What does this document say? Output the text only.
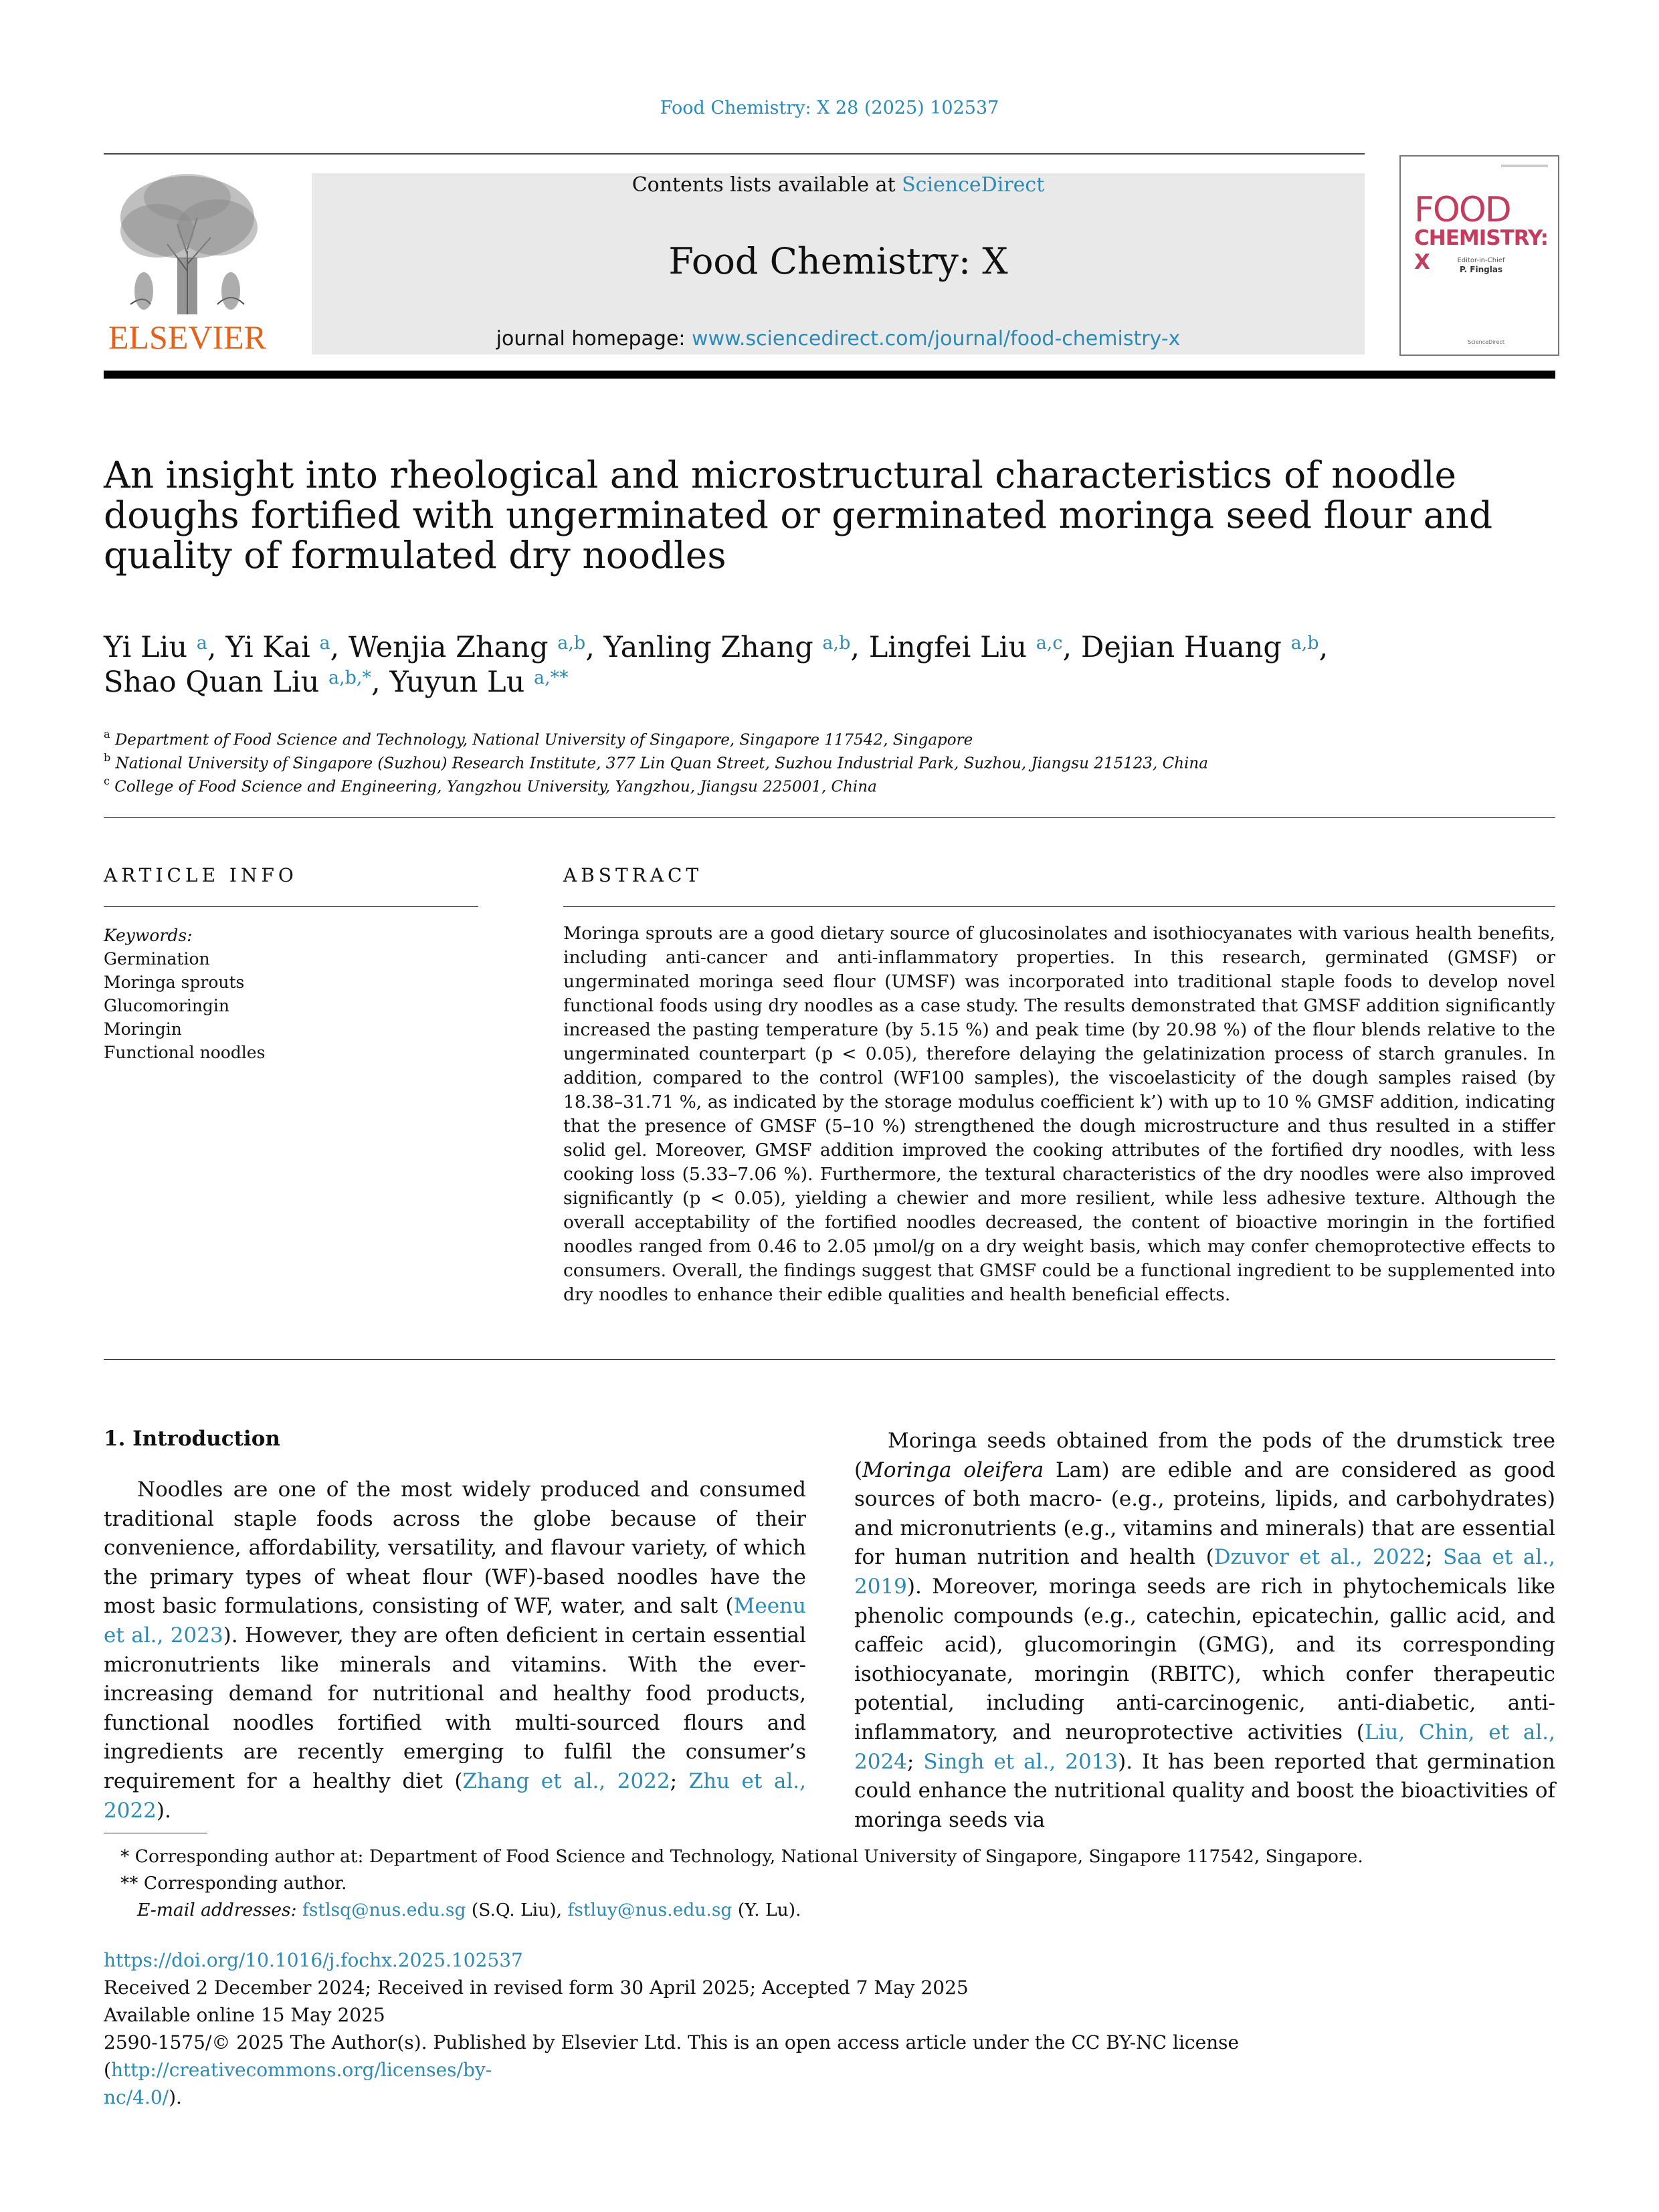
Food Chemistry: X 28 (2025) 102537
ELSEVIER
Contents lists available at ScienceDirect
Food Chemistry: X
journal homepage: www.sciencedirect.com/journal/food-chemistry-x
FOOD
CHEMISTRY: X	Editor-in-Chief
P. Finglas
ScienceDirect
An insight into rheological and microstructural characteristics of noodle
doughs fortified with ungerminated or germinated moringa seed flour and
quality of formulated dry noodles
Yi Liu $^a$, Yi Kai $^a$, Wenjia Zhang $^{a,b}$, Yanling Zhang $^{a,b}$, Lingfei Liu $^{a,c}$, Dejian Huang $^{a,b}$,
Shao Quan Liu $^{a,b,*}$, Yuyun Lu $^{a,**}$
$^a$ Department of Food Science and Technology, National University of Singapore, Singapore 117542, Singapore
$^b$ National University of Singapore (Suzhou) Research Institute, 377 Lin Quan Street, Suzhou Industrial Park, Suzhou, Jiangsu 215123, China
$^c$ College of Food Science and Engineering, Yangzhou University, Yangzhou, Jiangsu 225001, China
ARTICLE INFO
Keywords:
Germination
Moringa sprouts
Glucomoringin
Moringin
Functional noodles
ABSTRACT
Moringa sprouts are a good dietary source of glucosinolates and isothiocyanates with various health benefits, including anti-cancer and anti-inflammatory properties. In this research, germinated (GMSF) or ungerminated moringa seed flour (UMSF) was incorporated into traditional staple foods to develop novel functional foods using dry noodles as a case study. The results demonstrated that GMSF addition significantly increased the pasting temperature (by 5.15 %) and peak time (by 20.98 %) of the flour blends relative to the ungerminated counterpart (p < 0.05), therefore delaying the gelatinization process of starch granules. In addition, compared to the control (WF100 samples), the viscoelasticity of the dough samples raised (by 18.38–31.71 %, as indicated by the storage modulus coefficient k’) with up to 10 % GMSF addition, indicating that the presence of GMSF (5–10 %) strengthened the dough microstructure and thus resulted in a stiffer solid gel. Moreover, GMSF addition improved the cooking attributes of the fortified dry noodles, with less cooking loss (5.33–7.06 %). Furthermore, the textural characteristics of the dry noodles were also improved significantly (p < 0.05), yielding a chewier and more resilient, while less adhesive texture. Although the overall acceptability of the fortified noodles decreased, the content of bioactive moringin in the fortified noodles ranged from 0.46 to 2.05 μmol/g on a dry weight basis, which may confer chemoprotective effects to consumers. Overall, the findings suggest that GMSF could be a functional ingredient to be supplemented into dry noodles to enhance their edible qualities and health beneficial effects.
1. Introduction

Noodles are one of the most widely produced and consumed traditional staple foods across the globe because of their convenience, affordability, versatility, and flavour variety, of which the primary types of wheat flour (WF)-based noodles have the most basic formulations, consisting of WF, water, and salt (Meenu et al., 2023). However, they are often deficient in certain essential micronutrients like minerals and vitamins. With the ever-increasing demand for nutritional and healthy food products, functional noodles fortified with multi-sourced flours and ingredients are recently emerging to fulfil the consumer’s requirement for a healthy diet (Zhang et al., 2022; Zhu et al., 2022).

Moringa seeds obtained from the pods of the drumstick tree (Moringa oleifera Lam) are edible and are considered as good sources of both macro- (e.g., proteins, lipids, and carbohydrates) and micronutrients (e.g., vitamins and minerals) that are essential for human nutrition and health (Dzuvor et al., 2022; Saa et al., 2019). Moreover, moringa seeds are rich in phytochemicals like phenolic compounds (e.g., catechin, epicatechin, gallic acid, and caffeic acid), glucomoringin (GMG), and its corresponding isothiocyanate, moringin (RBITC), which confer therapeutic potential, including anti-carcinogenic, anti-diabetic, anti-inflammatory, and neuroprotective activities (Liu, Chin, et al., 2024; Singh et al., 2013). It has been reported that germination could enhance the nutritional quality and boost the bioactivities of moringa seeds via

* Corresponding author at: Department of Food Science and Technology, National University of Singapore, Singapore 117542, Singapore.
** Corresponding author.
E-mail addresses: fstlsq@nus.edu.sg (S.Q. Liu), fstluy@nus.edu.sg (Y. Lu).
https://doi.org/10.1016/j.fochx.2025.102537
Received 2 December 2024; Received in revised form 30 April 2025; Accepted 7 May 2025
Available online 15 May 2025
2590-1575/© 2025 The Author(s). Published by Elsevier Ltd. This is an open access article under the CC BY-NC license (http://creativecommons.org/licenses/by-
nc/4.0/).
